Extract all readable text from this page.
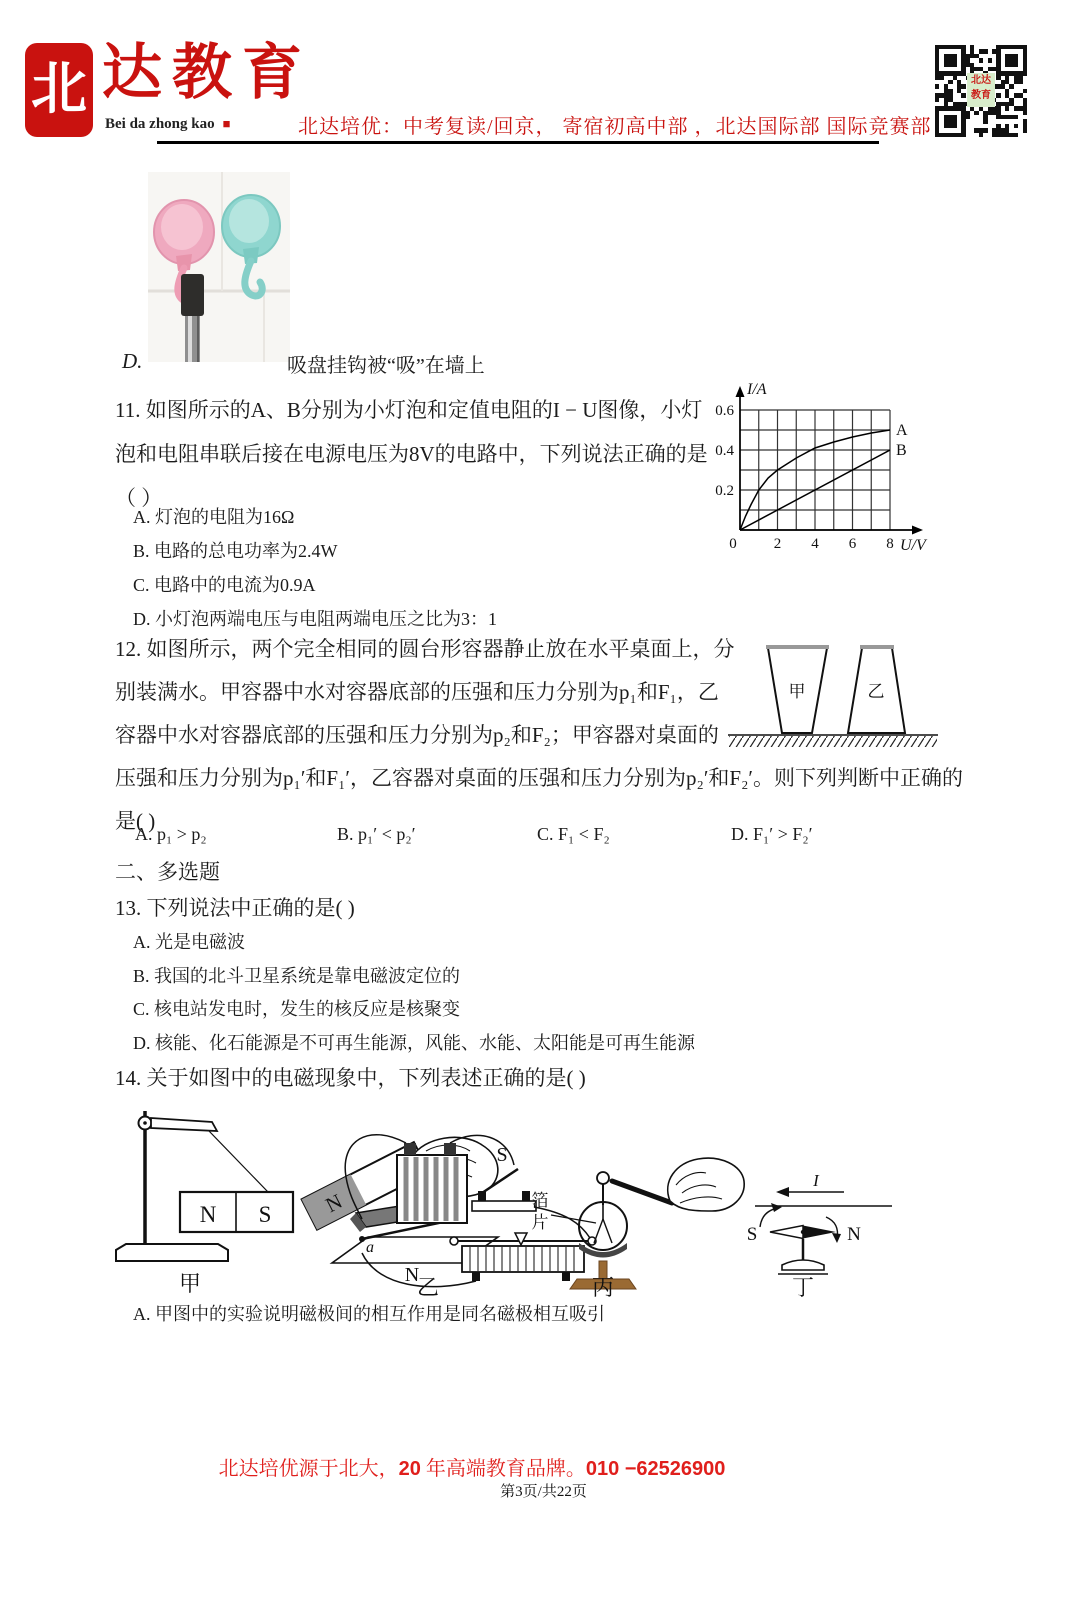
北 达教育
Bei da zhong kao ■	北达培优：中考复读/回京， 寄宿初高中部 ，北达国际部 国际竞赛部
北达
教育
D.	吸盘挂钩被“吸”在墙上
11. 如图所示的A、B分别为小灯泡和定值电阻的I − U图像，小灯
泡和电阻串联后接在电源电压为8V的电路中，下列说法正确的是
（ ）	0.2
0.4
0.6
0 2 4 6 8
I/A
U/V
A
B
A. 灯泡的电阻为16Ω
B. 电路的总电功率为2.4W
C. 电路中的电流为0.9A
D. 小灯泡两端电压与电阻两端电压之比为3：1
12. 如图所示，两个完全相同的圆台形容器静止放在水平桌面上，分
别装满水。甲容器中水对容器底部的压强和压力分别为p₁和F₁，乙
容器中水对容器底部的压强和压力分别为p₂和F₂；甲容器对桌面的
压强和压力分别为p₁′和F₁′，乙容器对桌面的压强和压力分别为p₂′和F₂′。则下列判断中正确的
是( )
甲	乙
A. p₁ > p₂	B. p₁′ < p₂′	C. F₁ < F₂	D. F₁′ > F₂′
二、多选题
13. 下列说法中正确的是( )
A. 光是电磁波
B. 我国的北斗卫星系统是靠电磁波定位的
C. 核电站发电时，发生的核反应是核聚变
D. 核能、化石能源是不可再生能源，风能、水能、太阳能是可再生能源
14. 关于如图中的电磁现象中，下列表述正确的是( )
N S N
甲
a
N
S
乙
箔
片
丙
I
S	N
丁
A. 甲图中的实验说明磁极间的相互作用是同名磁极相互吸引
北达培优源于北大，20 年高端教育品牌。010 −62526900
第3页/共22页
